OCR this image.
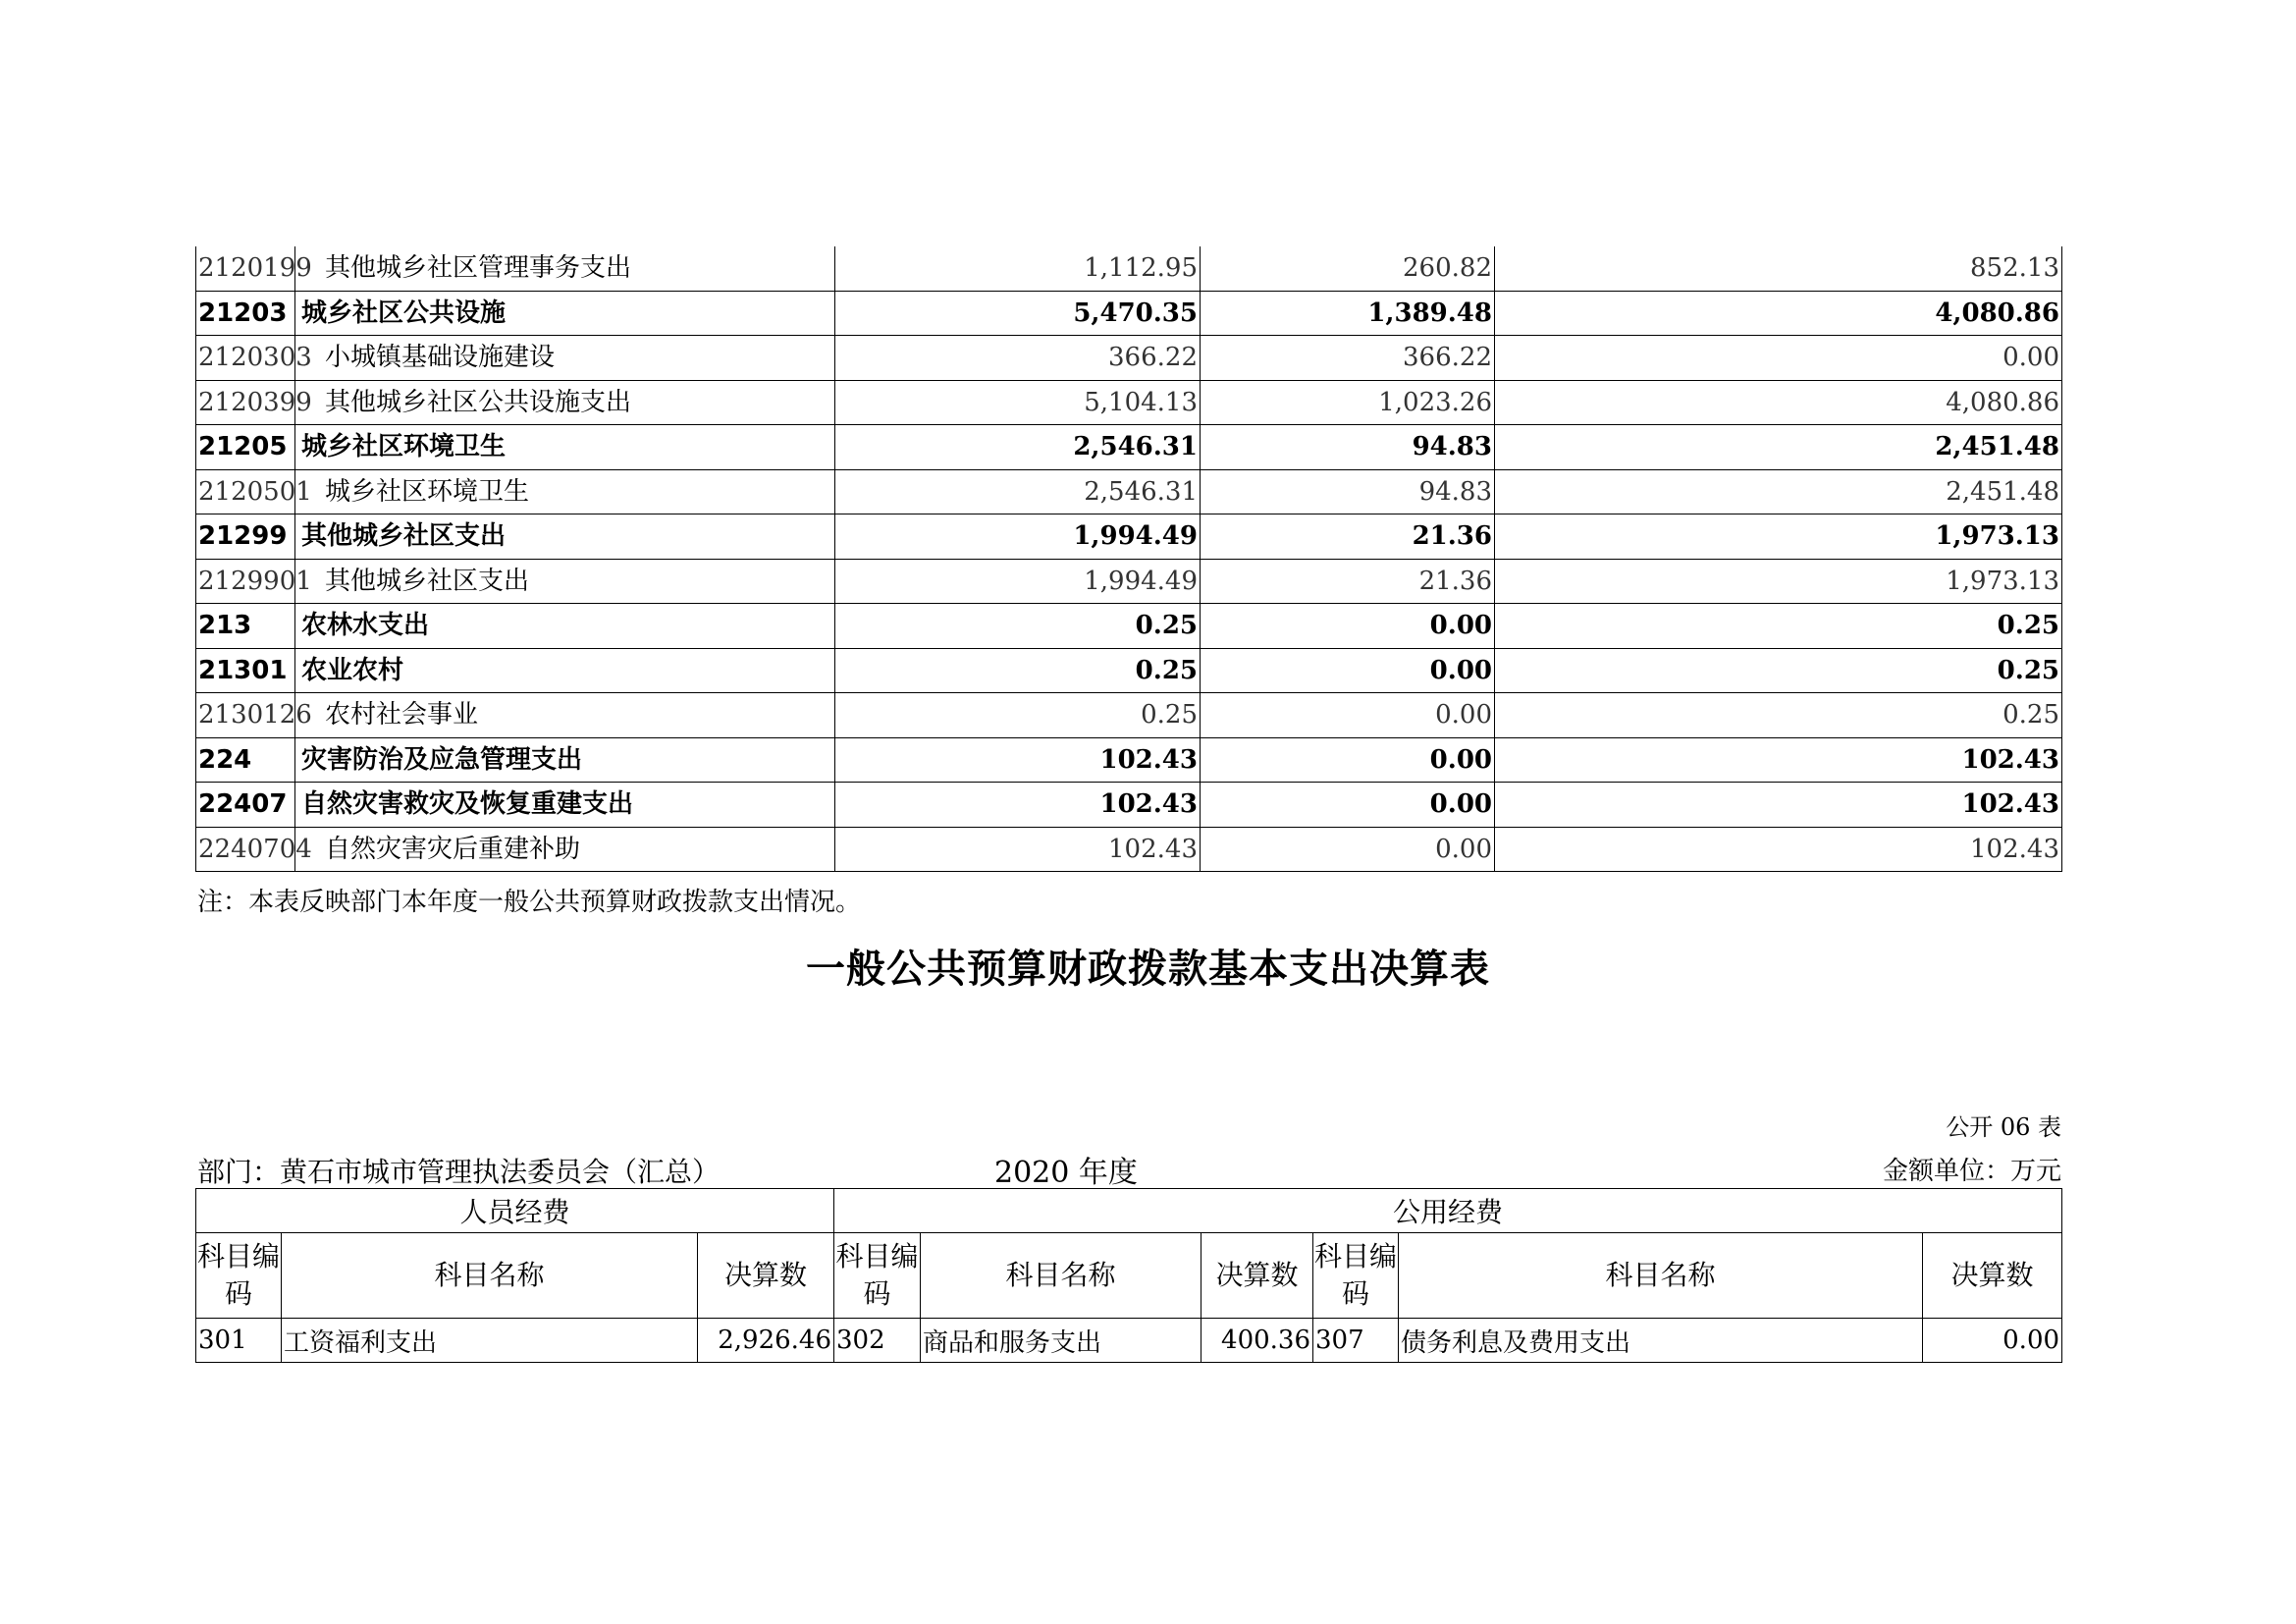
2120199	其他城乡社区管理事务支出	1,112.95	260.82	852.13
21203	城乡社区公共设施	5,470.35	1,389.48	4,080.86
2120303	小城镇基础设施建设	366.22	366.22	0.00
2120399	其他城乡社区公共设施支出	5,104.13	1,023.26	4,080.86
21205	城乡社区环境卫生	2,546.31	94.83	2,451.48
2120501	城乡社区环境卫生	2,546.31	94.83	2,451.48
21299	其他城乡社区支出	1,994.49	21.36	1,973.13
2129901	其他城乡社区支出	1,994.49	21.36	1,973.13
213	农林水支出	0.25	0.00	0.25
21301	农业农村	0.25	0.00	0.25
2130126	农村社会事业	0.25	0.00	0.25
224	灾害防治及应急管理支出	102.43	0.00	102.43
22407	自然灾害救灾及恢复重建支出	102.43	0.00	102.43
2240704	自然灾害灾后重建补助	102.43	0.00	102.43
注：本表反映部门本年度一般公共预算财政拨款支出情况。
一般公共预算财政拨款基本支出决算表
公开 06 表
部门：黄石市城市管理执法委员会（汇总）	2020 年度	金额单位：万元
人员经费			公用经费					
科目编码	科目名称	决算数	科目编码	科目名称	决算数	科目编码	科目名称	决算数
301	工资福利支出	2,926.46	302	商品和服务支出	400.36	307	债务利息及费用支出	0.00
